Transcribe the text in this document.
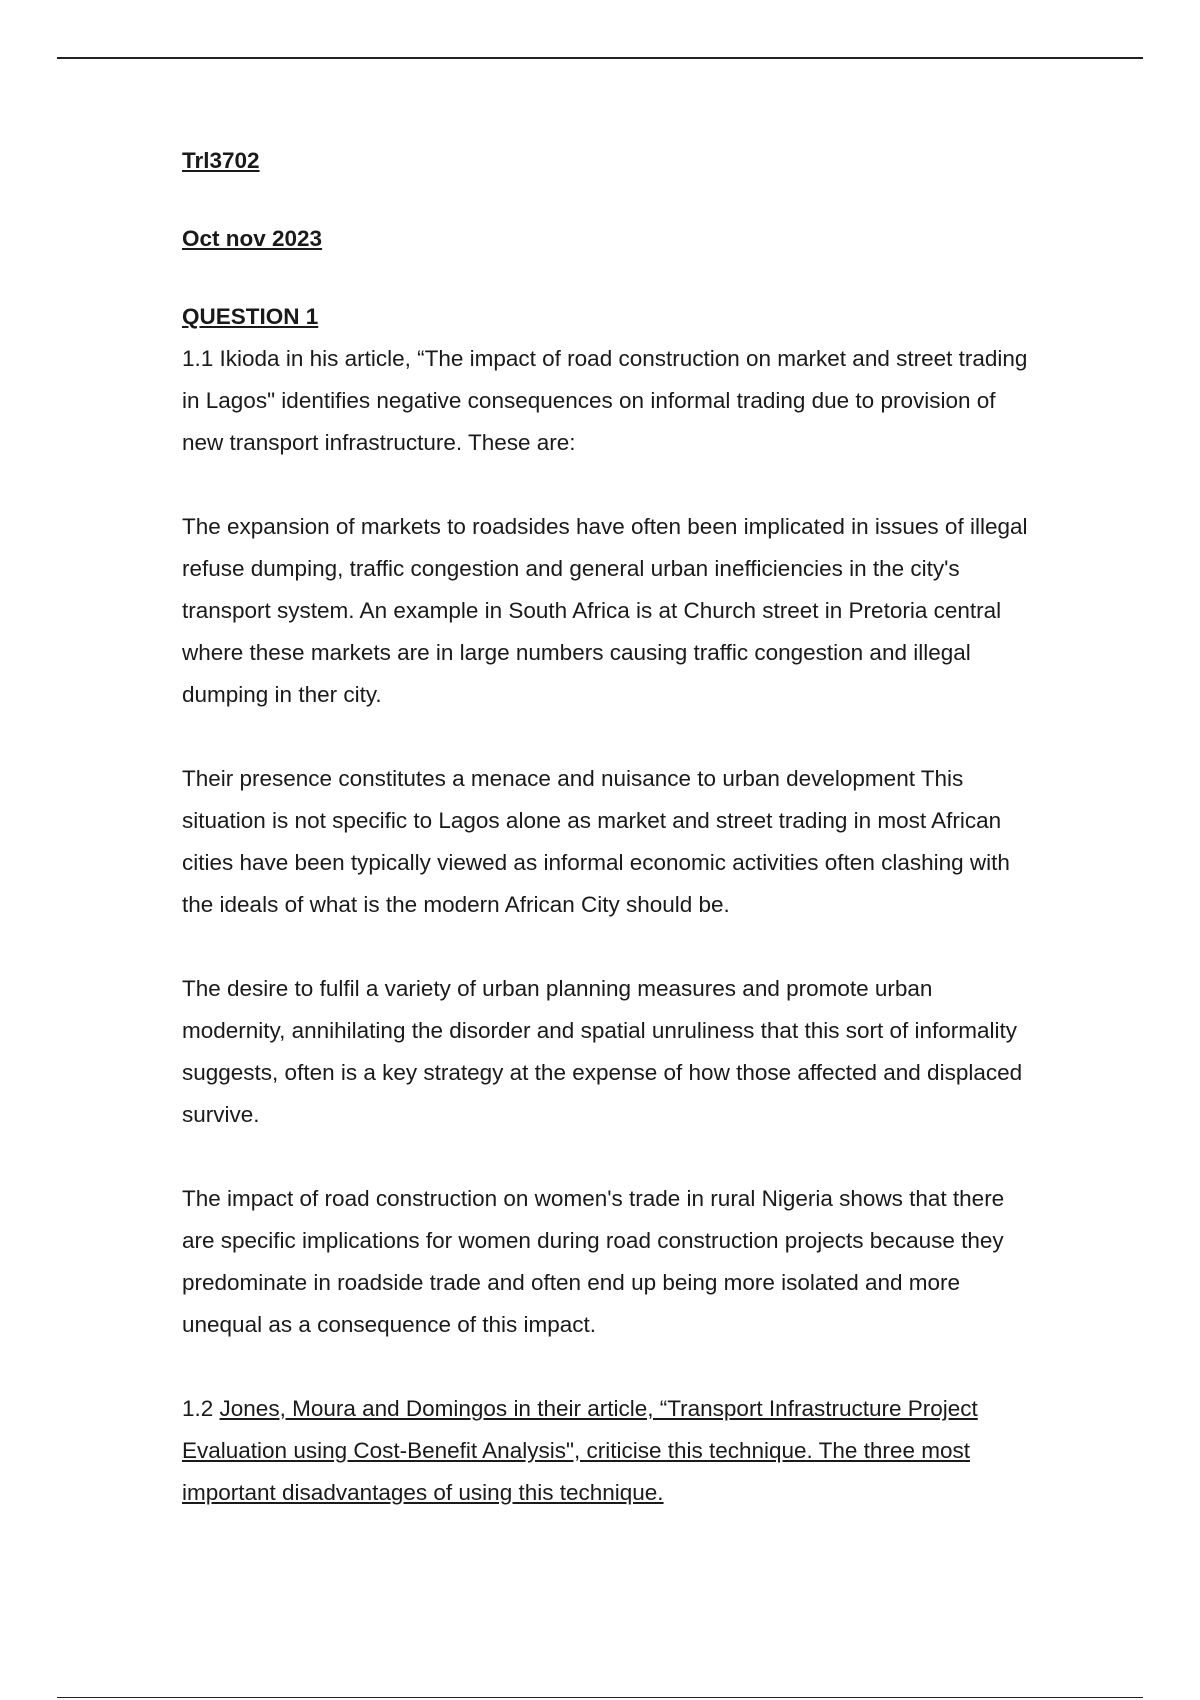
Trl3702

Oct nov 2023

QUESTION 1

1.1 Ikioda in his article, “The impact of road construction on market and street trading in Lagos" identifies negative consequences on informal trading due to provision of new transport infrastructure. These are:

The expansion of markets to roadsides have often been implicated in issues of illegal refuse dumping, traffic congestion and general urban inefficiencies in the city's transport system. An example in South Africa is at Church street in Pretoria central where these markets are in large numbers causing traffic congestion and illegal dumping in ther city.

Their presence constitutes a menace and nuisance to urban development This situation is not specific to Lagos alone as market and street trading in most African cities have been typically viewed as informal economic activities often clashing with the ideals of what is the modern African City should be.

The desire to fulfil a variety of urban planning measures and promote urban modernity, annihilating the disorder and spatial unruliness that this sort of informality suggests, often is a key strategy at the expense of how those affected and displaced survive.

The impact of road construction on women's trade in rural Nigeria shows that there are specific implications for women during road construction projects because they predominate in roadside trade and often end up being more isolated and more unequal as a consequence of this impact.

1.2 Jones, Moura and Domingos in their article, “Transport Infrastructure Project Evaluation using Cost-Benefit Analysis", criticise this technique. The three most important disadvantages of using this technique.
